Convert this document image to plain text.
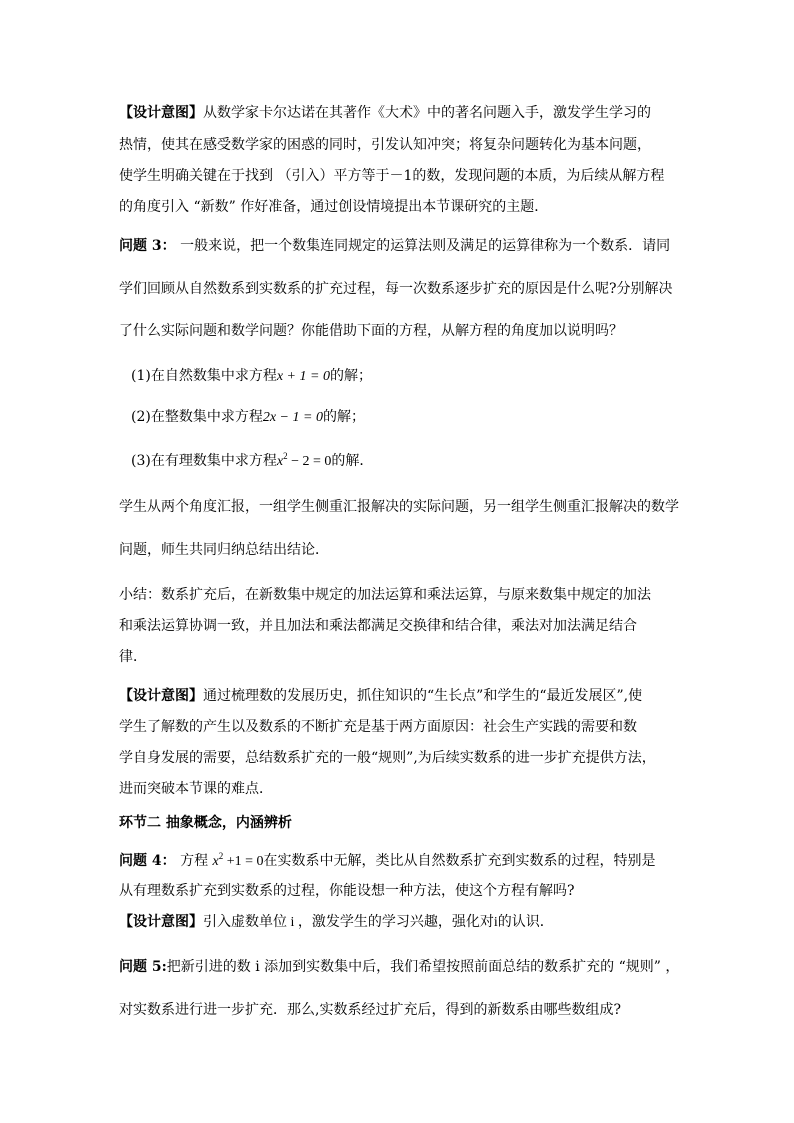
【设计意图】从数学家卡尔达诺在其著作《大术》中的著名问题入手，激发学生学习的
热情，使其在感受数学家的困惑的同时，引发认知冲突；将复杂问题转化为基本问题，
使学生明确关键在于找到 （引入）平方等于－1的数，发现问题的本质，为后续从解方程
的角度引入 “新数” 作好准备，通过创设情境提出本节课研究的主题．
问题 3： 一般来说，把一个数集连同规定的运算法则及满足的运算律称为一个数系．请同
学们回顾从自然数系到实数系的扩充过程，每一次数系逐步扩充的原因是什么呢?分别解决
了什么实际问题和数学问题？你能借助下面的方程，从解方程的角度加以说明吗？
(1)在自然数集中求方程x + 1 = 0的解；
(2)在整数集中求方程2x − 1 = 0的解；
(3)在有理数集中求方程$x^2 - 2 = 0$的解．
学生从两个角度汇报，一组学生侧重汇报解决的实际问题，另一组学生侧重汇报解决的数学
问题，师生共同归纳总结出结论．
小结：数系扩充后，在新数集中规定的加法运算和乘法运算，与原来数集中规定的加法
和乘法运算协调一致，并且加法和乘法都满足交换律和结合律，乘法对加法满足结合
律．
【设计意图】通过梳理数的发展历史，抓住知识的“生长点”和学生的“最近发展区”,使
学生了解数的产生以及数系的不断扩充是基于两方面原因：社会生产实践的需要和数
学自身发展的需要，总结数系扩充的一般“规则”,为后续实数系的进一步扩充提供方法，
进而突破本节课的难点．
环节二 抽象概念，内涵辨析
问题 4： 方程 $x^2 +1 = 0$在实数系中无解，类比从自然数系扩充到实数系的过程，特别是
从有理数系扩充到实数系的过程，你能设想一种方法，使这个方程有解吗?
【设计意图】引入虚数单位 i ，激发学生的学习兴趣，强化对i的认识．
问题 5:把新引进的数 i 添加到实数集中后，我们希望按照前面总结的数系扩充的 “规则” ，
对实数系进行进一步扩充．那么,实数系经过扩充后，得到的新数系由哪些数组成?
